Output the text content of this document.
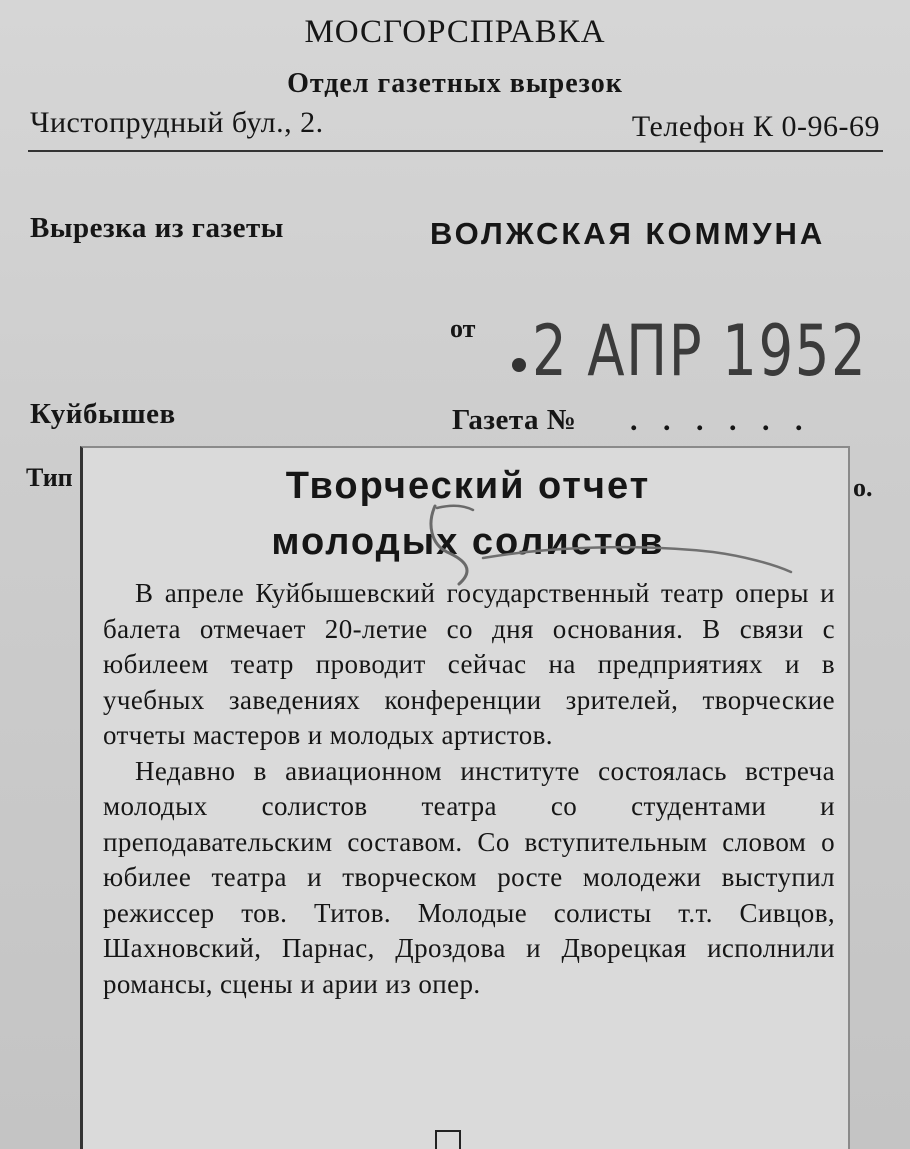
МОСГОРСПРАВКА
Отдел газетных вырезок
Чистопрудный бул., 2.	Телефон К 0-96-69
Вырезка из газеты	ВОЛЖСКАЯ КОММУНА
от 2 АПР 1952
Куйбышев	Газета № . . . . . .
Тип	о.
Творческий отчет
молодых солистов

В апреле Куйбышевский государственный театр оперы и балета отмечает 20-летие со дня основания. В связи с юбилеем театр проводит сейчас на предприятиях и в учебных заведениях конференции зрителей, творческие отчеты мастеров и молодых артистов.

Недавно в авиационном институте состоялась встреча молодых солистов театра со студентами и преподавательским составом. Со вступительным словом о юбилее театра и творческом росте молодежи выступил режиссер тов. Титов. Молодые солисты т.т. Сивцов, Шахновский, Парнас, Дроздова и Дворецкая исполнили романсы, сцены и арии из опер.
